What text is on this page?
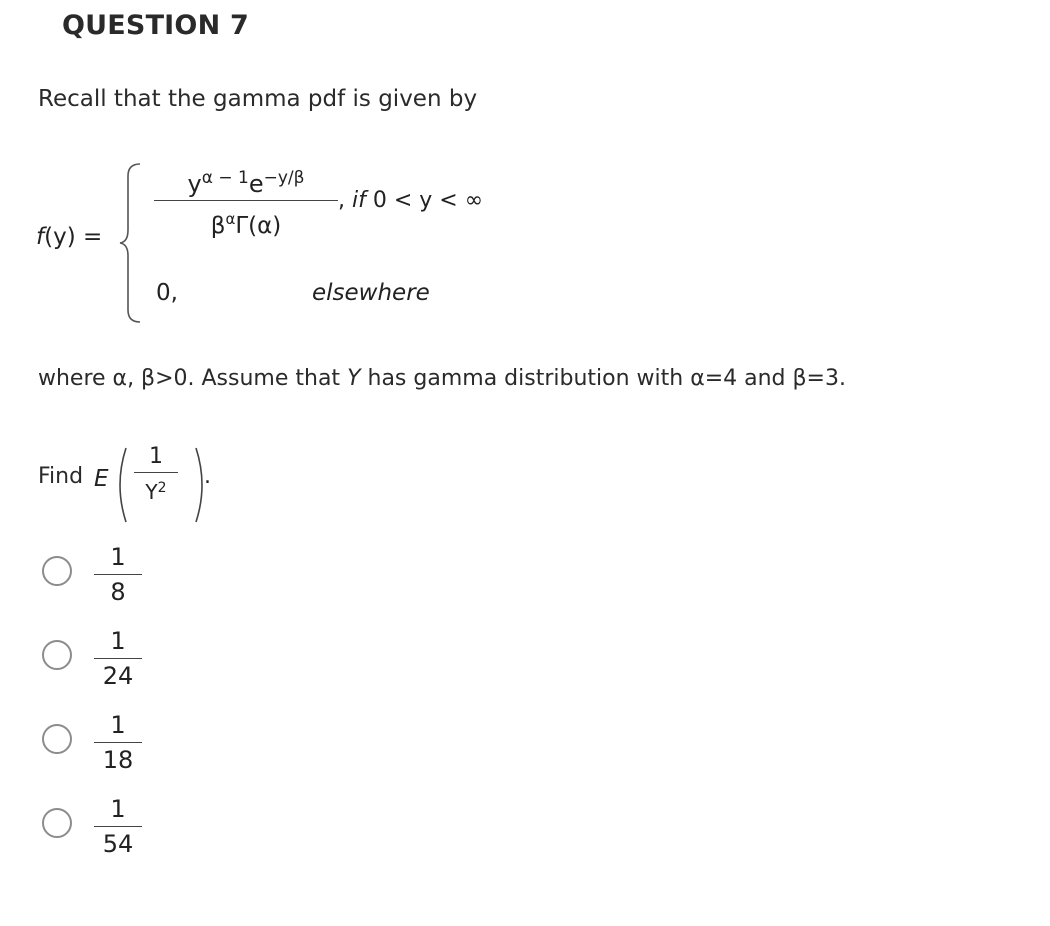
QUESTION 7
Recall that the gamma pdf is given by
f(y) =
$y^{\alpha - 1}e^{-y/\beta}$
$\beta^\alpha\Gamma(\alpha)$
, if 0 < y < ∞
0,	elsewhere
where α, β>0. Assume that Y has gamma distribution with α=4 and β=3.
Find E
1
$Y^2$	.
1
8
1
24
1
18
1
54
